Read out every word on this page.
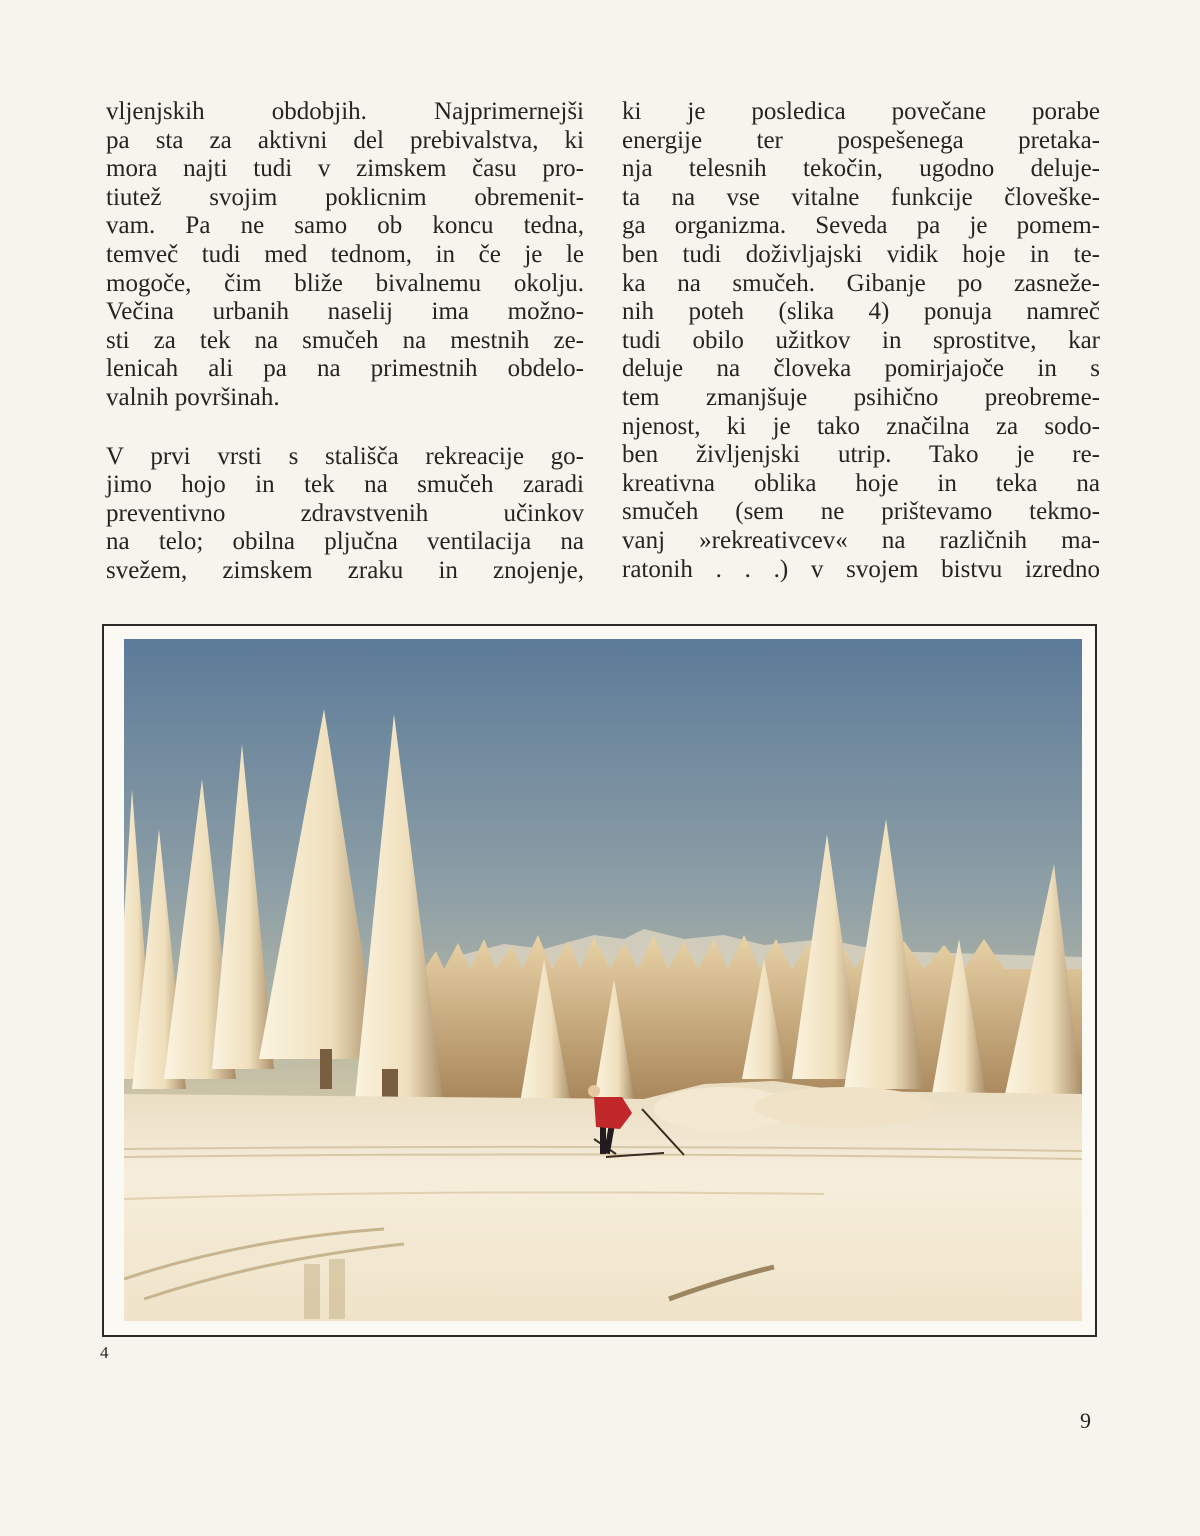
vljenjskih obdobjih. Najprimernejši
pa sta za aktivni del prebivalstva, ki
mora najti tudi v zimskem času pro-
tiutež svojim poklicnim obremenit-
vam. Pa ne samo ob koncu tedna,
temveč tudi med tednom, in če je le
mogoče, čim bliže bivalnemu okolju.
Večina urbanih naselij ima možno-
sti za tek na smučeh na mestnih ze-
lenicah ali pa na primestnih obdelo-
valnih površinah.
V prvi vrsti s stališča rekreacije go-
jimo hojo in tek na smučeh zaradi
preventivno zdravstvenih učinkov
na telo; obilna pljučna ventilacija na
svežem, zimskem zraku in znojenje,
ki je posledica povečane porabe
energije ter pospešenega pretaka-
nja telesnih tekočin, ugodno deluje-
ta na vse vitalne funkcije človeške-
ga organizma. Seveda pa je pomem-
ben tudi doživljajski vidik hoje in te-
ka na smučeh. Gibanje po zasneže-
nih poteh (slika 4) ponuja namreč
tudi obilo užitkov in sprostitve, kar
deluje na človeka pomirjajoče in s
tem zmanjšuje psihično preobreme-
njenost, ki je tako značilna za sodo-
ben življenjski utrip. Tako je re-
kreativna oblika hoje in teka na
smučeh (sem ne prištevamo tekmo-
vanj »rekreativcev« na različnih ma-
ratonih . . .) v svojem bistvu izredno
4
9
